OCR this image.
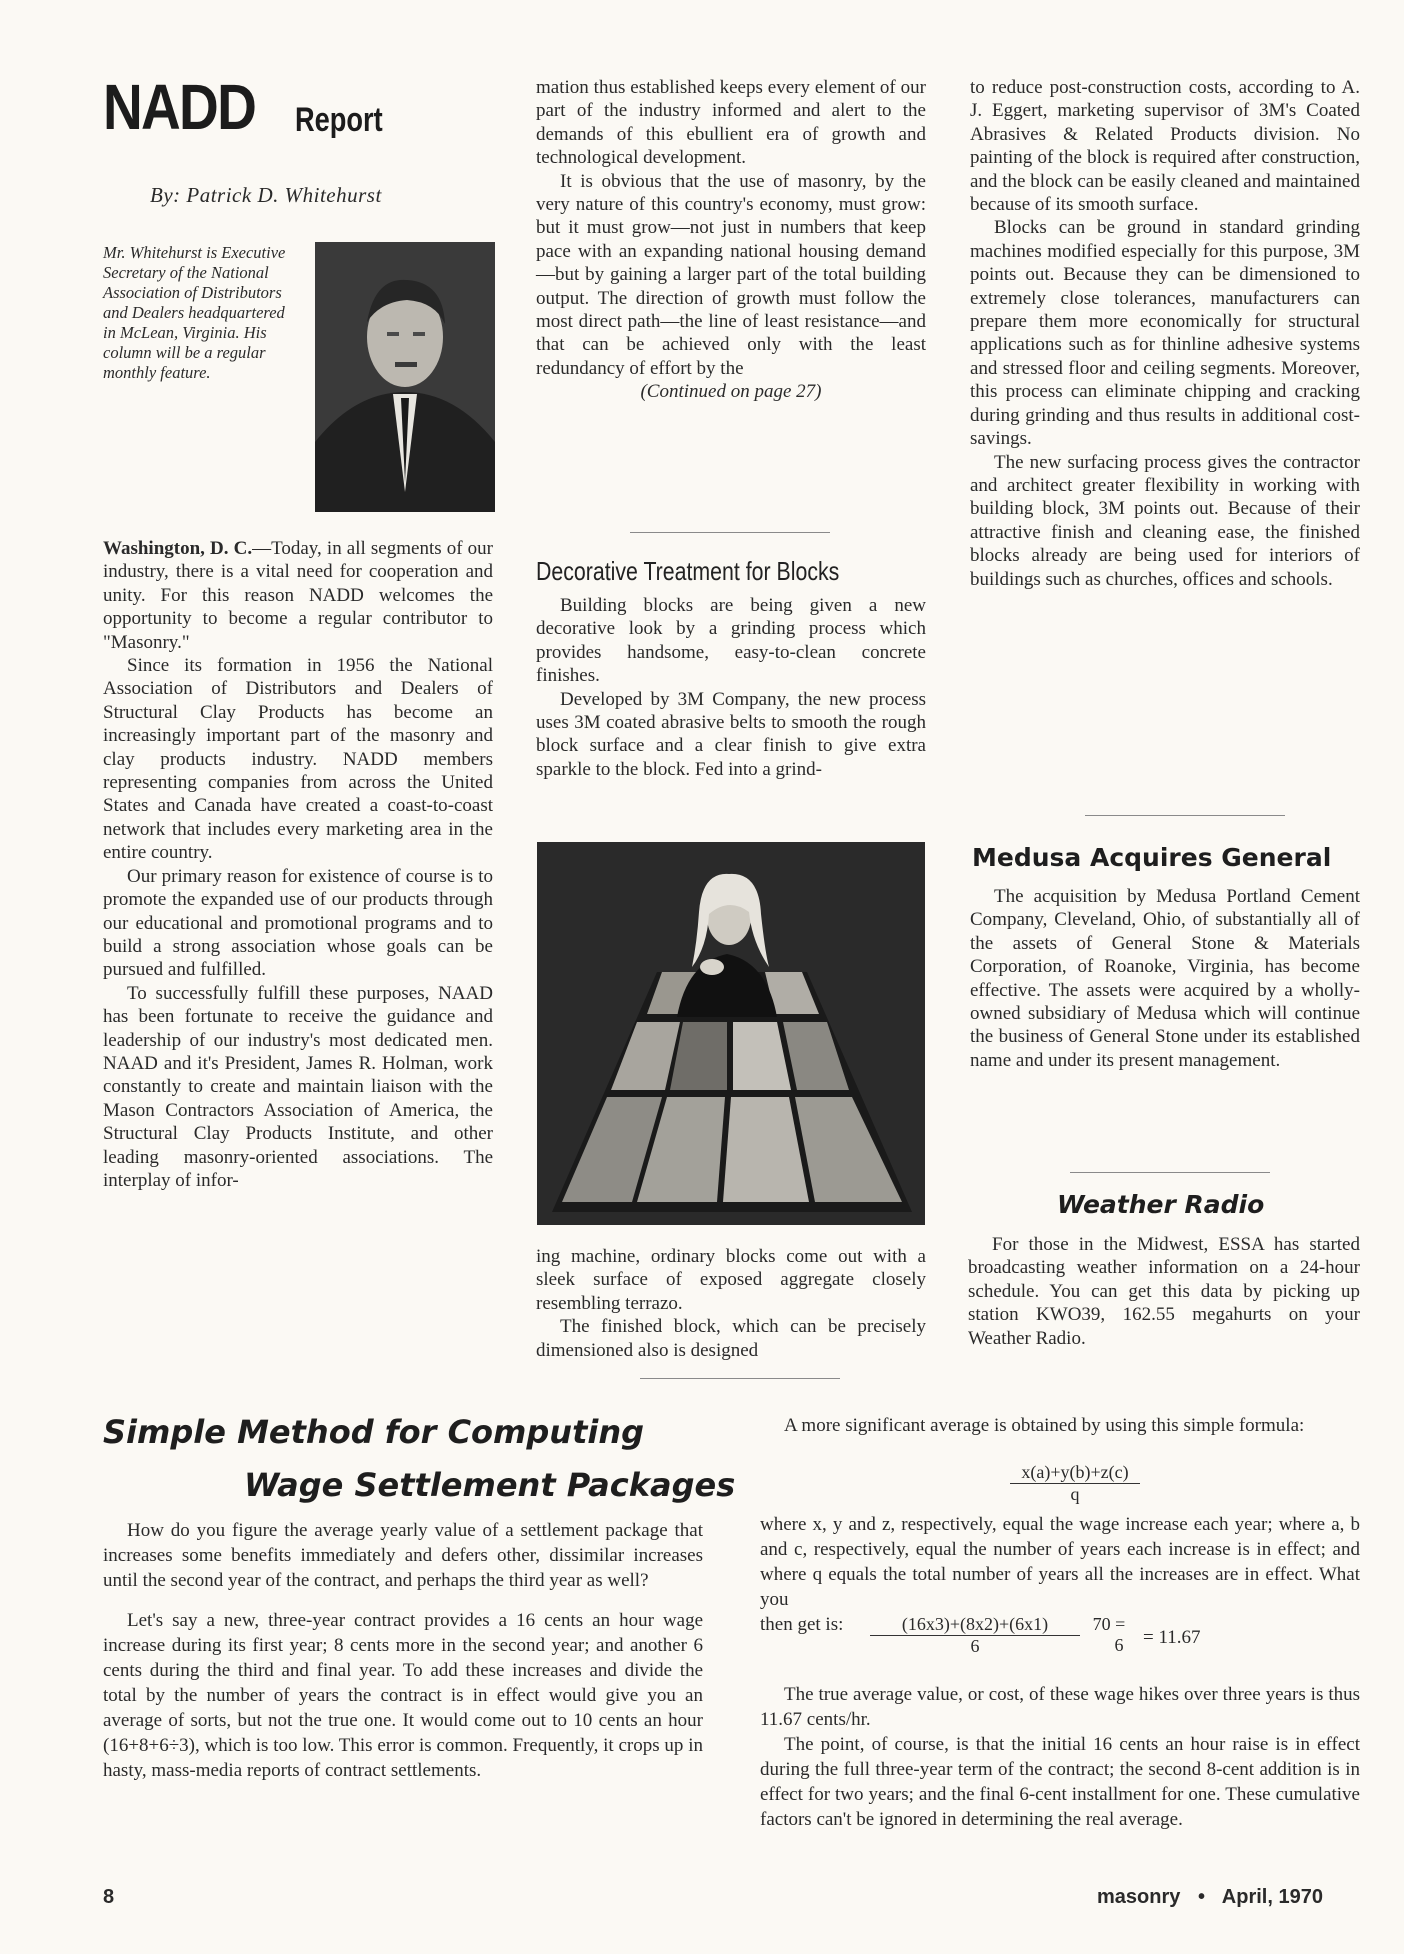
NADD Report
By: Patrick D. Whitehurst
Mr. Whitehurst is Executive Secretary of the National Association of Distributors and Dealers headquartered in McLean, Virginia. His column will be a regular monthly feature.

Washington, D. C.—Today, in all segments of our industry, there is a vital need for cooperation and unity. For this reason NADD welcomes the opportunity to become a regular contributor to "Masonry."

Since its formation in 1956 the National Association of Distributors and Dealers of Structural Clay Products has become an increasingly important part of the masonry and clay products industry. NADD members representing companies from across the United States and Canada have created a coast-to-coast network that includes every marketing area in the entire country.

Our primary reason for existence of course is to promote the expanded use of our products through our educational and promotional programs and to build a strong association whose goals can be pursued and fulfilled.

To successfully fulfill these purposes, NAAD has been fortunate to receive the guidance and leadership of our industry's most dedicated men. NAAD and it's President, James R. Holman, work constantly to create and maintain liaison with the Mason Contractors Association of America, the Structural Clay Products Institute, and other leading masonry-oriented associations. The interplay of infor-

mation thus established keeps every element of our part of the industry informed and alert to the demands of this ebullient era of growth and technological development.

It is obvious that the use of masonry, by the very nature of this country's economy, must grow: but it must grow—not just in numbers that keep pace with an expanding national housing demand—but by gaining a larger part of the total building output. The direction of growth must follow the most direct path—the line of least resistance—and that can be achieved only with the least redundancy of effort by the

(Continued on page 27)

Decorative Treatment for Blocks

Building blocks are being given a new decorative look by a grinding process which provides handsome, easy-to-clean concrete finishes.

Developed by 3M Company, the new process uses 3M coated abrasive belts to smooth the rough block surface and a clear finish to give extra sparkle to the block. Fed into a grind-

ing machine, ordinary blocks come out with a sleek surface of exposed aggregate closely resembling terrazo.

The finished block, which can be precisely dimensioned also is designed

to reduce post-construction costs, according to A. J. Eggert, marketing supervisor of 3M's Coated Abrasives & Related Products division. No painting of the block is required after construction, and the block can be easily cleaned and maintained because of its smooth surface.

Blocks can be ground in standard grinding machines modified especially for this purpose, 3M points out. Because they can be dimensioned to extremely close tolerances, manufacturers can prepare them more economically for structural applications such as for thinline adhesive systems and stressed floor and ceiling segments. Moreover, this process can eliminate chipping and cracking during grinding and thus results in additional cost-savings.

The new surfacing process gives the contractor and architect greater flexibility in working with building block, 3M points out. Because of their attractive finish and cleaning ease, the finished blocks already are being used for interiors of buildings such as churches, offices and schools.

Medusa Acquires General

The acquisition by Medusa Portland Cement Company, Cleveland, Ohio, of substantially all of the assets of General Stone & Materials Corporation, of Roanoke, Virginia, has become effective. The assets were acquired by a wholly-owned subsidiary of Medusa which will continue the business of General Stone under its established name and under its present management.

Weather Radio

For those in the Midwest, ESSA has started broadcasting weather information on a 24-hour schedule. You can get this data by picking up station KWO39, 162.55 megahurts on your Weather Radio.

Simple Method for Computing
Wage Settlement Packages

How do you figure the average yearly value of a settlement package that increases some benefits immediately and defers other, dissimilar increases until the second year of the contract, and perhaps the third year as well?

Let's say a new, three-year contract provides a 16 cents an hour wage increase during its first year; 8 cents more in the second year; and another 6 cents during the third and final year. To add these increases and divide the total by the number of years the contract is in effect would give you an average of sorts, but not the true one. It would come out to 10 cents an hour (16+8+6÷3), which is too low. This error is common. Frequently, it crops up in hasty, mass-media reports of contract settlements.

A more significant average is obtained by using this simple formula:

$\frac{x(a)+y(b)+z(c)}{q}$

where x, y and z, respectively, equal the wage increase each year; where a, b and c, respectively, equal the number of years each increase is in effect; and where q equals the total number of years all the increases are in effect. What you

then get is: $\frac{(16x3)+(8x2)+(6x1)}{6} 70$ =
6	= 11.67

The true average value, or cost, of these wage hikes over three years is thus 11.67 cents/hr.

The point, of course, is that the initial 16 cents an hour raise is in effect during the full three-year term of the contract; the second 8-cent addition is in effect for two years; and the final 6-cent installment for one. These cumulative factors can't be ignored in determining the real average.

8	masonry • April, 1970
